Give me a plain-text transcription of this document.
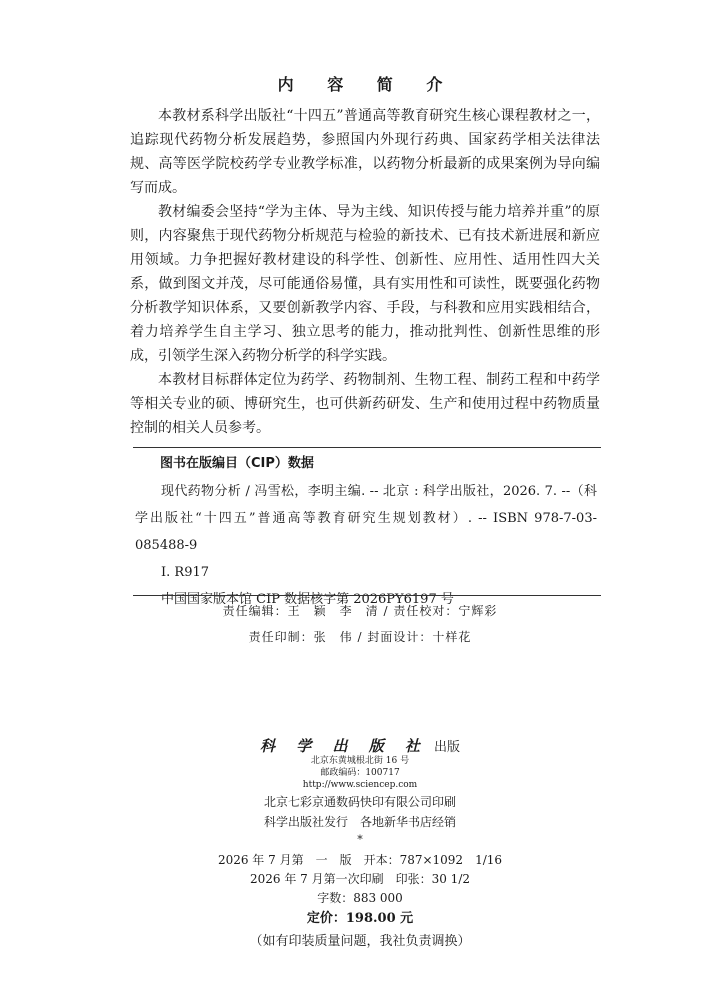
内 容 简 介

本教材系科学出版社“十四五”普通高等教育研究生核心课程教材之一，追踪现代药物分析发展趋势，参照国内外现行药典、国家药学相关法律法规、高等医学院校药学专业教学标准，以药物分析最新的成果案例为导向编写而成。

教材编委会坚持“学为主体、导为主线、知识传授与能力培养并重”的原则，内容聚焦于现代药物分析规范与检验的新技术、已有技术新进展和新应用领域。力争把握好教材建设的科学性、创新性、应用性、适用性四大关系，做到图文并茂，尽可能通俗易懂，具有实用性和可读性，既要强化药物分析教学知识体系，又要创新教学内容、手段，与科教和应用实践相结合，着力培养学生自主学习、独立思考的能力，推动批判性、创新性思维的形成，引领学生深入药物分析学的科学实践。

本教材目标群体定位为药学、药物制剂、生物工程、制药工程和中药学等相关专业的硕、博研究生，也可供新药研发、生产和使用过程中药物质量控制的相关人员参考。

图书在版编目（CIP）数据

现代药物分析 / 冯雪松，李明主编. -- 北京 : 科学出版社，2026. 7. --（科学出版社“十四五”普通高等教育研究生规划教材）. -- ISBN 978-7-03-085488-9

Ⅰ. R917

中国国家版本馆 CIP 数据核字第 2026PY6197 号

责任编辑：王　颖　李　清 / 责任校对：宁辉彩
责任印制：张　伟 / 封面设计：十样花
科 学 出 版 社 出版
北京东黄城根北街 16 号
邮政编码：100717
http://www.sciencep.com
北京七彩京通数码快印有限公司印刷
科学出版社发行　各地新华书店经销
*
2026 年 7 月第　一　版　开本：787×1092　1/16
2026 年 7 月第一次印刷　印张：30 1/2
字数：883 000
定价：198.00 元
（如有印装质量问题，我社负责调换）
